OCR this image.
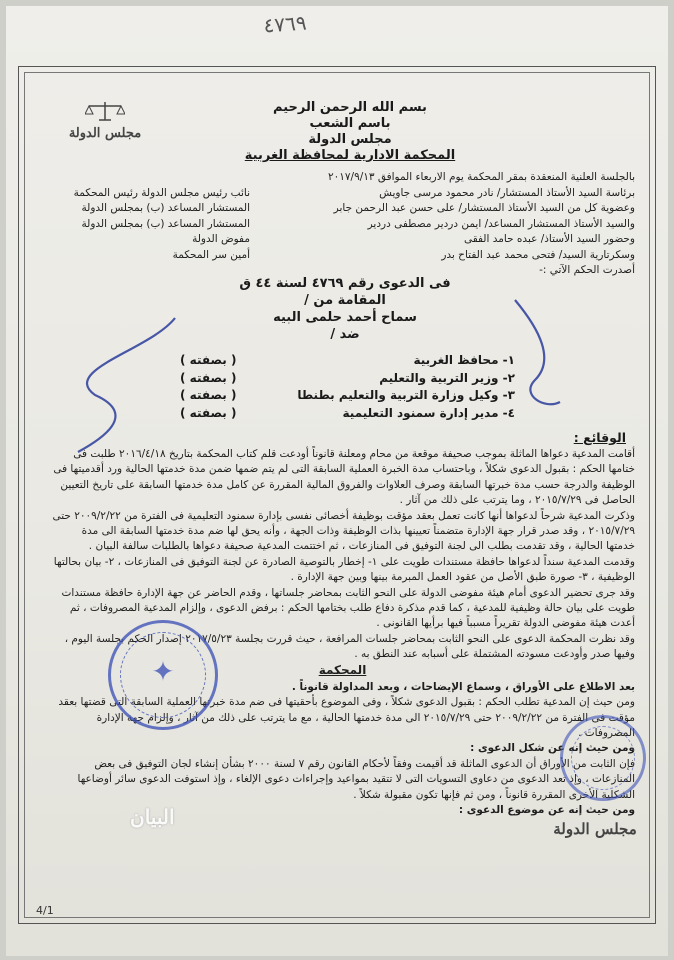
٤٧٦٩
مجلس الدولة
بسم الله الرحمن الرحيم
باسم الشعب
مجلس الدولة
المحكمة الادارية لمحافظة الغربية
بالجلسة العلنية المنعقدة بمقر المحكمة يوم الاربعاء الموافق ٢٠١٧/٩/١٣
برئاسة السيد الأستاذ المستشار/ نادر محمود مرسى جاويش
نائب رئيس مجلس الدولة رئيس المحكمة
وعضوية كل من السيد الأستاذ المستشار/ على حسن عبد الرحمن جابر
المستشار المساعد (ب) بمجلس الدولة
والسيد الأستاذ المستشار المساعد/ ايمن دردير مصطفى دردير
المستشار المساعد (ب) بمجلس الدولة
وحضور السيد الأستاذ/ عبده حامد الفقى
مفوض الدولة
وسكرتارية السيد/ فتحى محمد عبد الفتاح بدر
أمين سر المحكمة
أصدرت الحكم الآتي :-
فى الدعوى رقم ٤٧٦٩ لسنة ٤٤ ق
المقامة من /
سماح أحمد حلمى البيه
ضد /
١- محافظ الغربية
( بصفته )
٢- وزير التربية والتعليم
( بصفته )
٣- وكيل وزارة التربية والتعليم بطنطا
( بصفته )
٤- مدير إدارة سمنود التعليمية
( بصفته )
الوقائع :
أقامت المدعية دعواها الماثلة بموجب صحيفة موقعة من محام ومعلنة قانوناً أودعت قلم كتاب المحكمة بتاريخ ٢٠١٦/٤/١٨ طلبت فى ختامها الحكم : بقبول الدعوى شكلاً ، وباحتساب مدة الخبرة العملية السابقة التى لم يتم ضمها ضمن مدة خدمتها الحالية ورد أقدميتها فى الوظيفة والدرجة حسب مدة خبرتها السابقة وصرف العلاوات والفروق المالية المقررة عن كامل مدة خدمتها السابقة على تاريخ التعيين الحاصل فى ٢٠١٥/٧/٢٩ ، وما يترتب على ذلك من آثار .
وذكرت المدعية شرحاً لدعواها أنها كانت تعمل بعقد مؤقت بوظيفة أخصائى نفسى بإدارة سمنود التعليمية فى الفترة من ٢٠٠٩/٢/٢٢ حتى ٢٠١٥/٧/٢٩ ، وقد صدر قرار جهة الإدارة متضمناً تعيينها بذات الوظيفة وذات الجهة ، وأنه يحق لها ضم مدة خدمتها السابقة الى مدة خدمتها الحالية ، وقد تقدمت بطلب الى لجنة التوفيق فى المنازعات ، ثم اختتمت المدعية صحيفة دعواها بالطلبات سالفة البيان .
وقدمت المدعية سنداً لدعواها حافظة مستندات طويت على ١- إخطار بالتوصية الصادرة عن لجنة التوفيق فى المنازعات ، ٢- بيان بحالتها الوظيفية ، ٣- صورة طبق الأصل من عقود العمل المبرمة بينها وبين جهة الإدارة .
وقد جرى تحضير الدعوى أمام هيئة مفوضى الدولة على النحو الثابت بمحاضر جلساتها ، وقدم الحاضر عن جهة الإدارة حافظة مستندات طويت على بيان حالة وظيفية للمدعية ، كما قدم مذكرة دفاع طلب بختامها الحكم : برفض الدعوى ، وإلزام المدعية المصروفات ، ثم أعدت هيئة مفوضى الدولة تقريراً مسبباً فيها برأيها القانونى .
وقد نظرت المحكمة الدعوى على النحو الثابت بمحاضر جلسات المرافعة ، حيث قررت بجلسة ٢٠١٧/٥/٢٣ إصدار الحكم بجلسة اليوم ، وفيها صدر وأودعت مسودته المشتملة على أسبابه عند النطق به .
المحكمة
بعد الاطلاع على الأوراق ، وسماع الإيضاحات ، وبعد المداولة قانوناً .
ومن حيث إن المدعية تطلب الحكم : بقبول الدعوى شكلاً ، وفى الموضوع بأحقيتها فى ضم مدة خبرتها العملية السابقة التى قضتها بعقد مؤقت فى الفترة من ٢٠٠٩/٢/٢٢ حتى ٢٠١٥/٧/٢٩ الى مدة خدمتها الحالية ، مع ما يترتب على ذلك من آثار ، وإلزام جهة الإدارة المصروفات .
ومن حيث إنه عن شكل الدعوى :
فإن الثابت من الأوراق أن الدعوى الماثلة قد أقيمت وفقاً لأحكام القانون رقم ٧ لسنة ٢٠٠٠ بشأن إنشاء لجان التوفيق فى بعض المنازعات ، وإذ تعد الدعوى من دعاوى التسويات التى لا تتقيد بمواعيد وإجراءات دعوى الإلغاء ، وإذ استوفت الدعوى سائر أوضاعها الشكلية الأخرى المقررة قانوناً ، ومن ثم فإنها تكون مقبولة شكلاً .
ومن حيث إنه عن موضوع الدعوى :
✦
البيان	مجلس الدولة
4/1
